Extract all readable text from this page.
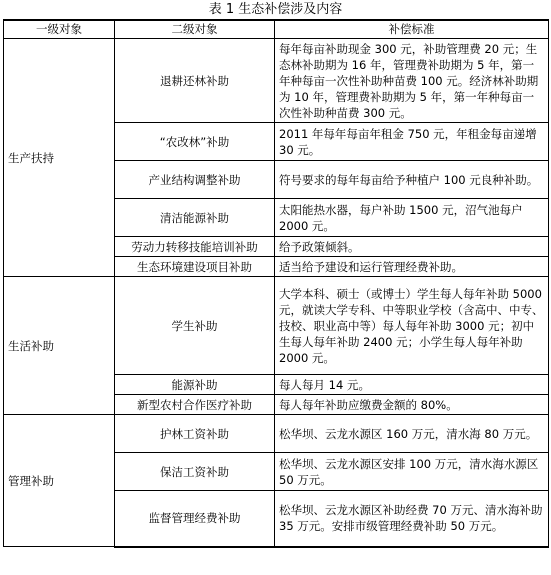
表 1 生态补偿涉及内容
一级对象	二级对象	补偿标准
生产扶持	退耕还林补助	每年每亩补助现金 300 元，补助管理费 20 元；生态林补助期为 16 年，管理费补助期为 5 年，第一年种每亩一次性补助种苗费 100 元。经济林补助期为 10 年，管理费补助期为 5 年，第一年种每亩一次性补助种苗费 300 元。
	“农改林”补助	2011 年每年每亩年租金 750 元，年租金每亩递增 30 元。
	产业结构调整补助	符号要求的每年每亩给予种植户 100 元良种补助。
	清洁能源补助	太阳能热水器，每户补助 1500 元，沼气池每户 2000 元。
	劳动力转移技能培训补助	给予政策倾斜。
	生态环境建设项目补助	适当给予建设和运行管理经费补助。
生活补助	学生补助	大学本科、硕士（或博士）学生每人每年补助 5000 元，就读大学专科、中等职业学校（含高中、中专、技校、职业高中等）每人每年补助 3000 元；初中生每人每年补助 2400 元；小学生每人每年补助 2000 元。
	能源补助	每人每月 14 元。
	新型农村合作医疗补助	每人每年补助应缴费金额的 80%。
管理补助	护林工资补助	松华坝、云龙水源区 160 万元，清水海 80 万元。
	保洁工资补助	松华坝、云龙水源区安排 100 万元，清水海水源区 50 万元。
	监督管理经费补助	松华坝、云龙水源区补助经费 70 万元、清水海补助 35 万元。安排市级管理经费补助 50 万元。
